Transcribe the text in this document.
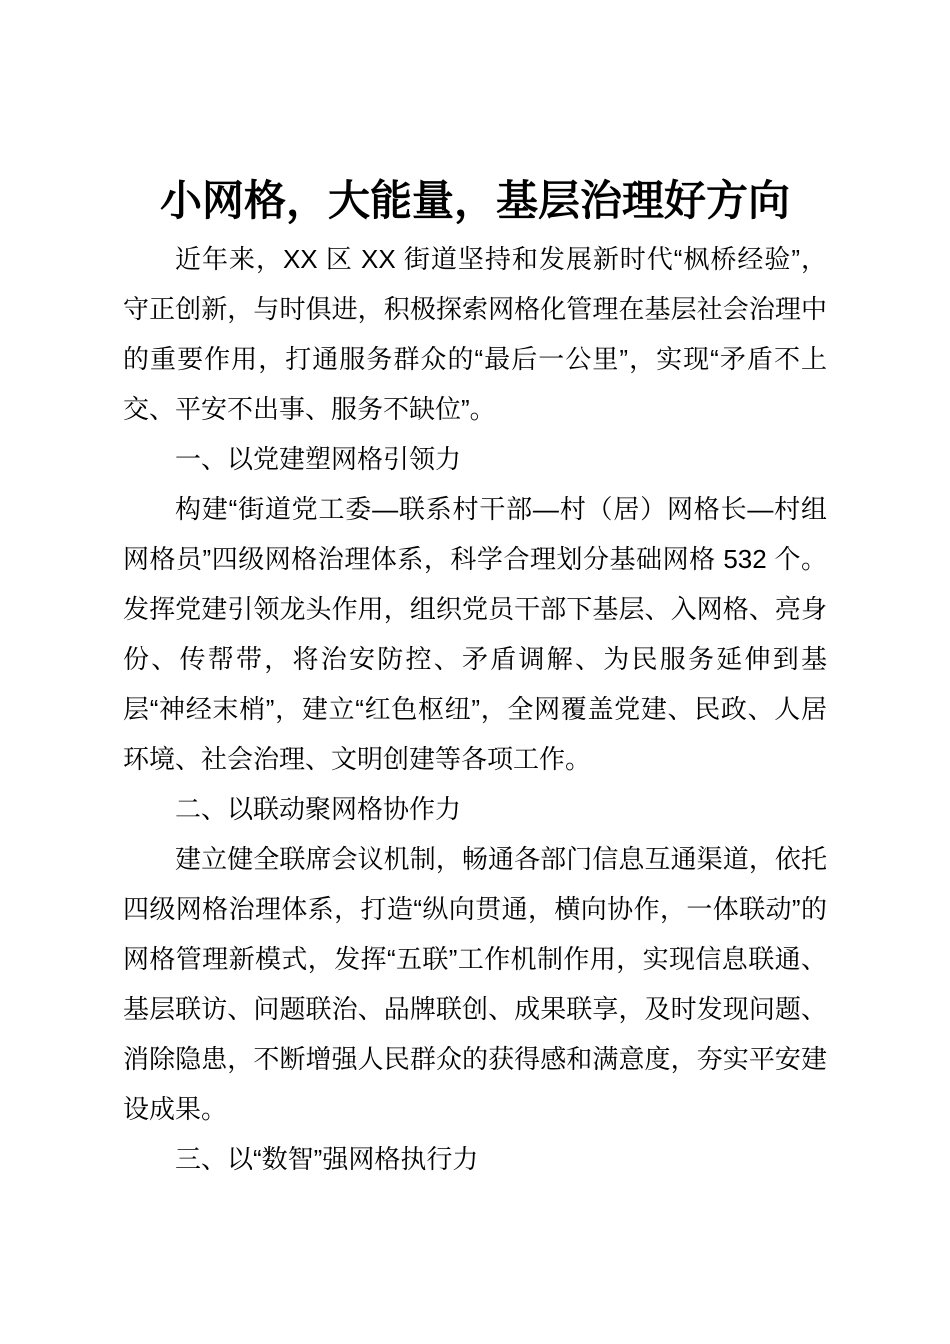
小网格，大能量，基层治理好方向

近年来，XX 区 XX 街道坚持和发展新时代“枫桥经验”，守正创新，与时俱进，积极探索网格化管理在基层社会治理中的重要作用，打通服务群众的“最后一公里”，实现“矛盾不上交、平安不出事、服务不缺位”。

一、以党建塑网格引领力

构建“街道党工委—联系村干部—村（居）网格长—村组网格员”四级网格治理体系，科学合理划分基础网格 532 个。发挥党建引领龙头作用，组织党员干部下基层、入网格、亮身份、传帮带，将治安防控、矛盾调解、为民服务延伸到基层“神经末梢”，建立“红色枢纽”，全网覆盖党建、民政、人居环境、社会治理、文明创建等各项工作。

二、以联动聚网格协作力

建立健全联席会议机制，畅通各部门信息互通渠道，依托四级网格治理体系，打造“纵向贯通，横向协作，一体联动”的网格管理新模式，发挥“五联”工作机制作用，实现信息联通、基层联访、问题联治、品牌联创、成果联享，及时发现问题、消除隐患，不断增强人民群众的获得感和满意度，夯实平安建设成果。

三、以“数智”强网格执行力
